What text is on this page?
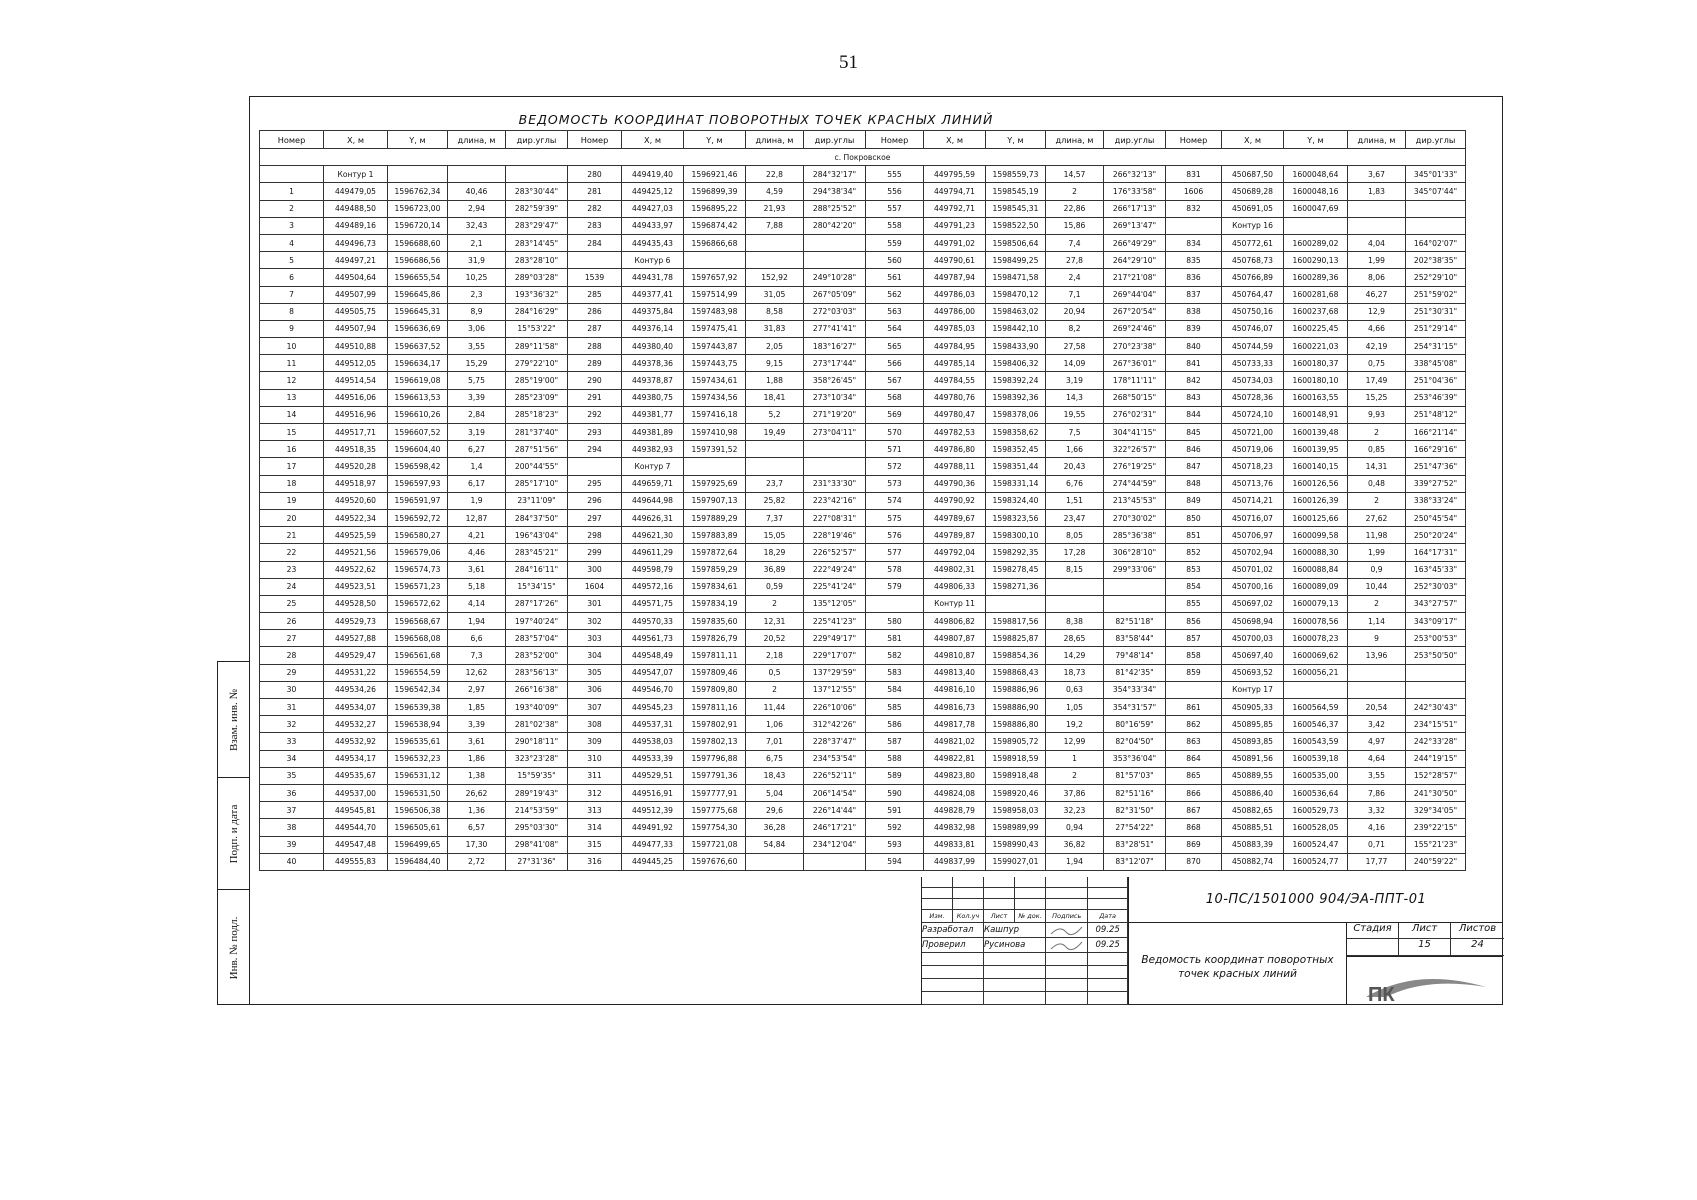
51
Взам. инв. №
Подп. и дата
Инв. № подл.
ВЕДОМОСТЬ КООРДИНАТ ПОВОРОТНЫХ ТОЧЕК КРАСНЫХ ЛИНИЙ
Номер	X, м	Y, м	длина, м	дир.углы	Номер	X, м	Y, м	длина, м	дир.углы	Номер	X, м	Y, м	длина, м	дир.углы	Номер	X, м	Y, м	длина, м	дир.углы
с. Покровское																			
	Контур 1				280	449419,40	1596921,46	22,8	284°32'17"	555	449795,59	1598559,73	14,57	266°32'13"	831	450687,50	1600048,64	3,67	345°01'33"
1	449479,05	1596762,34	40,46	283°30'44"	281	449425,12	1596899,39	4,59	294°38'34"	556	449794,71	1598545,19	2	176°33'58"	1606	450689,28	1600048,16	1,83	345°07'44"
2	449488,50	1596723,00	2,94	282°59'39"	282	449427,03	1596895,22	21,93	288°25'52"	557	449792,71	1598545,31	22,86	266°17'13"	832	450691,05	1600047,69		
3	449489,16	1596720,14	32,43	283°29'47"	283	449433,97	1596874,42	7,88	280°42'20"	558	449791,23	1598522,50	15,86	269°13'47"		Контур 16			
4	449496,73	1596688,60	2,1	283°14'45"	284	449435,43	1596866,68			559	449791,02	1598506,64	7,4	266°49'29"	834	450772,61	1600289,02	4,04	164°02'07"
5	449497,21	1596686,56	31,9	283°28'10"		Контур 6				560	449790,61	1598499,25	27,8	264°29'10"	835	450768,73	1600290,13	1,99	202°38'35"
6	449504,64	1596655,54	10,25	289°03'28"	1539	449431,78	1597657,92	152,92	249°10'28"	561	449787,94	1598471,58	2,4	217°21'08"	836	450766,89	1600289,36	8,06	252°29'10"
7	449507,99	1596645,86	2,3	193°36'32"	285	449377,41	1597514,99	31,05	267°05'09"	562	449786,03	1598470,12	7,1	269°44'04"	837	450764,47	1600281,68	46,27	251°59'02"
8	449505,75	1596645,31	8,9	284°16'29"	286	449375,84	1597483,98	8,58	272°03'03"	563	449786,00	1598463,02	20,94	267°20'54"	838	450750,16	1600237,68	12,9	251°30'31"
9	449507,94	1596636,69	3,06	15°53'22"	287	449376,14	1597475,41	31,83	277°41'41"	564	449785,03	1598442,10	8,2	269°24'46"	839	450746,07	1600225,45	4,66	251°29'14"
10	449510,88	1596637,52	3,55	289°11'58"	288	449380,40	1597443,87	2,05	183°16'27"	565	449784,95	1598433,90	27,58	270°23'38"	840	450744,59	1600221,03	42,19	254°31'15"
11	449512,05	1596634,17	15,29	279°22'10"	289	449378,36	1597443,75	9,15	273°17'44"	566	449785,14	1598406,32	14,09	267°36'01"	841	450733,33	1600180,37	0,75	338°45'08"
12	449514,54	1596619,08	5,75	285°19'00"	290	449378,87	1597434,61	1,88	358°26'45"	567	449784,55	1598392,24	3,19	178°11'11"	842	450734,03	1600180,10	17,49	251°04'36"
13	449516,06	1596613,53	3,39	285°23'09"	291	449380,75	1597434,56	18,41	273°10'34"	568	449780,76	1598392,36	14,3	268°50'15"	843	450728,36	1600163,55	15,25	253°46'39"
14	449516,96	1596610,26	2,84	285°18'23"	292	449381,77	1597416,18	5,2	271°19'20"	569	449780,47	1598378,06	19,55	276°02'31"	844	450724,10	1600148,91	9,93	251°48'12"
15	449517,71	1596607,52	3,19	281°37'40"	293	449381,89	1597410,98	19,49	273°04'11"	570	449782,53	1598358,62	7,5	304°41'15"	845	450721,00	1600139,48	2	166°21'14"
16	449518,35	1596604,40	6,27	287°51'56"	294	449382,93	1597391,52			571	449786,80	1598352,45	1,66	322°26'57"	846	450719,06	1600139,95	0,85	166°29'16"
17	449520,28	1596598,42	1,4	200°44'55"		Контур 7				572	449788,11	1598351,44	20,43	276°19'25"	847	450718,23	1600140,15	14,31	251°47'36"
18	449518,97	1596597,93	6,17	285°17'10"	295	449659,71	1597925,69	23,7	231°33'30"	573	449790,36	1598331,14	6,76	274°44'59"	848	450713,76	1600126,56	0,48	339°27'52"
19	449520,60	1596591,97	1,9	23°11'09"	296	449644,98	1597907,13	25,82	223°42'16"	574	449790,92	1598324,40	1,51	213°45'53"	849	450714,21	1600126,39	2	338°33'24"
20	449522,34	1596592,72	12,87	284°37'50"	297	449626,31	1597889,29	7,37	227°08'31"	575	449789,67	1598323,56	23,47	270°30'02"	850	450716,07	1600125,66	27,62	250°45'54"
21	449525,59	1596580,27	4,21	196°43'04"	298	449621,30	1597883,89	15,05	228°19'46"	576	449789,87	1598300,10	8,05	285°36'38"	851	450706,97	1600099,58	11,98	250°20'24"
22	449521,56	1596579,06	4,46	283°45'21"	299	449611,29	1597872,64	18,29	226°52'57"	577	449792,04	1598292,35	17,28	306°28'10"	852	450702,94	1600088,30	1,99	164°17'31"
23	449522,62	1596574,73	3,61	284°16'11"	300	449598,79	1597859,29	36,89	222°49'24"	578	449802,31	1598278,45	8,15	299°33'06"	853	450701,02	1600088,84	0,9	163°45'33"
24	449523,51	1596571,23	5,18	15°34'15"	1604	449572,16	1597834,61	0,59	225°41'24"	579	449806,33	1598271,36			854	450700,16	1600089,09	10,44	252°30'03"
25	449528,50	1596572,62	4,14	287°17'26"	301	449571,75	1597834,19	2	135°12'05"		Контур 11				855	450697,02	1600079,13	2	343°27'57"
26	449529,73	1596568,67	1,94	197°40'24"	302	449570,33	1597835,60	12,31	225°41'23"	580	449806,82	1598817,56	8,38	82°51'18"	856	450698,94	1600078,56	1,14	343°09'17"
27	449527,88	1596568,08	6,6	283°57'04"	303	449561,73	1597826,79	20,52	229°49'17"	581	449807,87	1598825,87	28,65	83°58'44"	857	450700,03	1600078,23	9	253°00'53"
28	449529,47	1596561,68	7,3	283°52'00"	304	449548,49	1597811,11	2,18	229°17'07"	582	449810,87	1598854,36	14,29	79°48'14"	858	450697,40	1600069,62	13,96	253°50'50"
29	449531,22	1596554,59	12,62	283°56'13"	305	449547,07	1597809,46	0,5	137°29'59"	583	449813,40	1598868,43	18,73	81°42'35"	859	450693,52	1600056,21		
30	449534,26	1596542,34	2,97	266°16'38"	306	449546,70	1597809,80	2	137°12'55"	584	449816,10	1598886,96	0,63	354°33'34"		Контур 17			
31	449534,07	1596539,38	1,85	193°40'09"	307	449545,23	1597811,16	11,44	226°10'06"	585	449816,73	1598886,90	1,05	354°31'57"	861	450905,33	1600564,59	20,54	242°30'43"
32	449532,27	1596538,94	3,39	281°02'38"	308	449537,31	1597802,91	1,06	312°42'26"	586	449817,78	1598886,80	19,2	80°16'59"	862	450895,85	1600546,37	3,42	234°15'51"
33	449532,92	1596535,61	3,61	290°18'11"	309	449538,03	1597802,13	7,01	228°37'47"	587	449821,02	1598905,72	12,99	82°04'50"	863	450893,85	1600543,59	4,97	242°33'28"
34	449534,17	1596532,23	1,86	323°23'28"	310	449533,39	1597796,88	6,75	234°53'54"	588	449822,81	1598918,59	1	353°36'04"	864	450891,56	1600539,18	4,64	244°19'15"
35	449535,67	1596531,12	1,38	15°59'35"	311	449529,51	1597791,36	18,43	226°52'11"	589	449823,80	1598918,48	2	81°57'03"	865	450889,55	1600535,00	3,55	152°28'57"
36	449537,00	1596531,50	26,62	289°19'43"	312	449516,91	1597777,91	5,04	206°14'54"	590	449824,08	1598920,46	37,86	82°51'16"	866	450886,40	1600536,64	7,86	241°30'50"
37	449545,81	1596506,38	1,36	214°53'59"	313	449512,39	1597775,68	29,6	226°14'44"	591	449828,79	1598958,03	32,23	82°31'50"	867	450882,65	1600529,73	3,32	329°34'05"
38	449544,70	1596505,61	6,57	295°03'30"	314	449491,92	1597754,30	36,28	246°17'21"	592	449832,98	1598989,99	0,94	27°54'22"	868	450885,51	1600528,05	4,16	239°22'15"
39	449547,48	1596499,65	17,30	298°41'08"	315	449477,33	1597721,08	54,84	234°12'04"	593	449833,81	1598990,43	36,82	83°28'51"	869	450883,39	1600524,47	0,71	155°21'23"
40	449555,83	1596484,40	2,72	27°31'36"	316	449445,25	1597676,60			594	449837,99	1599027,01	1,94	83°12'07"	870	450882,74	1600524,77	17,77	240°59'22"
Изм.	Кол.уч	Лист	№ док.	Подпись	Дата
Разработал	Кашпур	09.25
Проверил	Русинова	09.25
10-ПС/1501000 904/ЭА-ППТ-01
Ведомость координат поворотных точек красных линий
Стадия	Лист	Листов
15	24
ПК
